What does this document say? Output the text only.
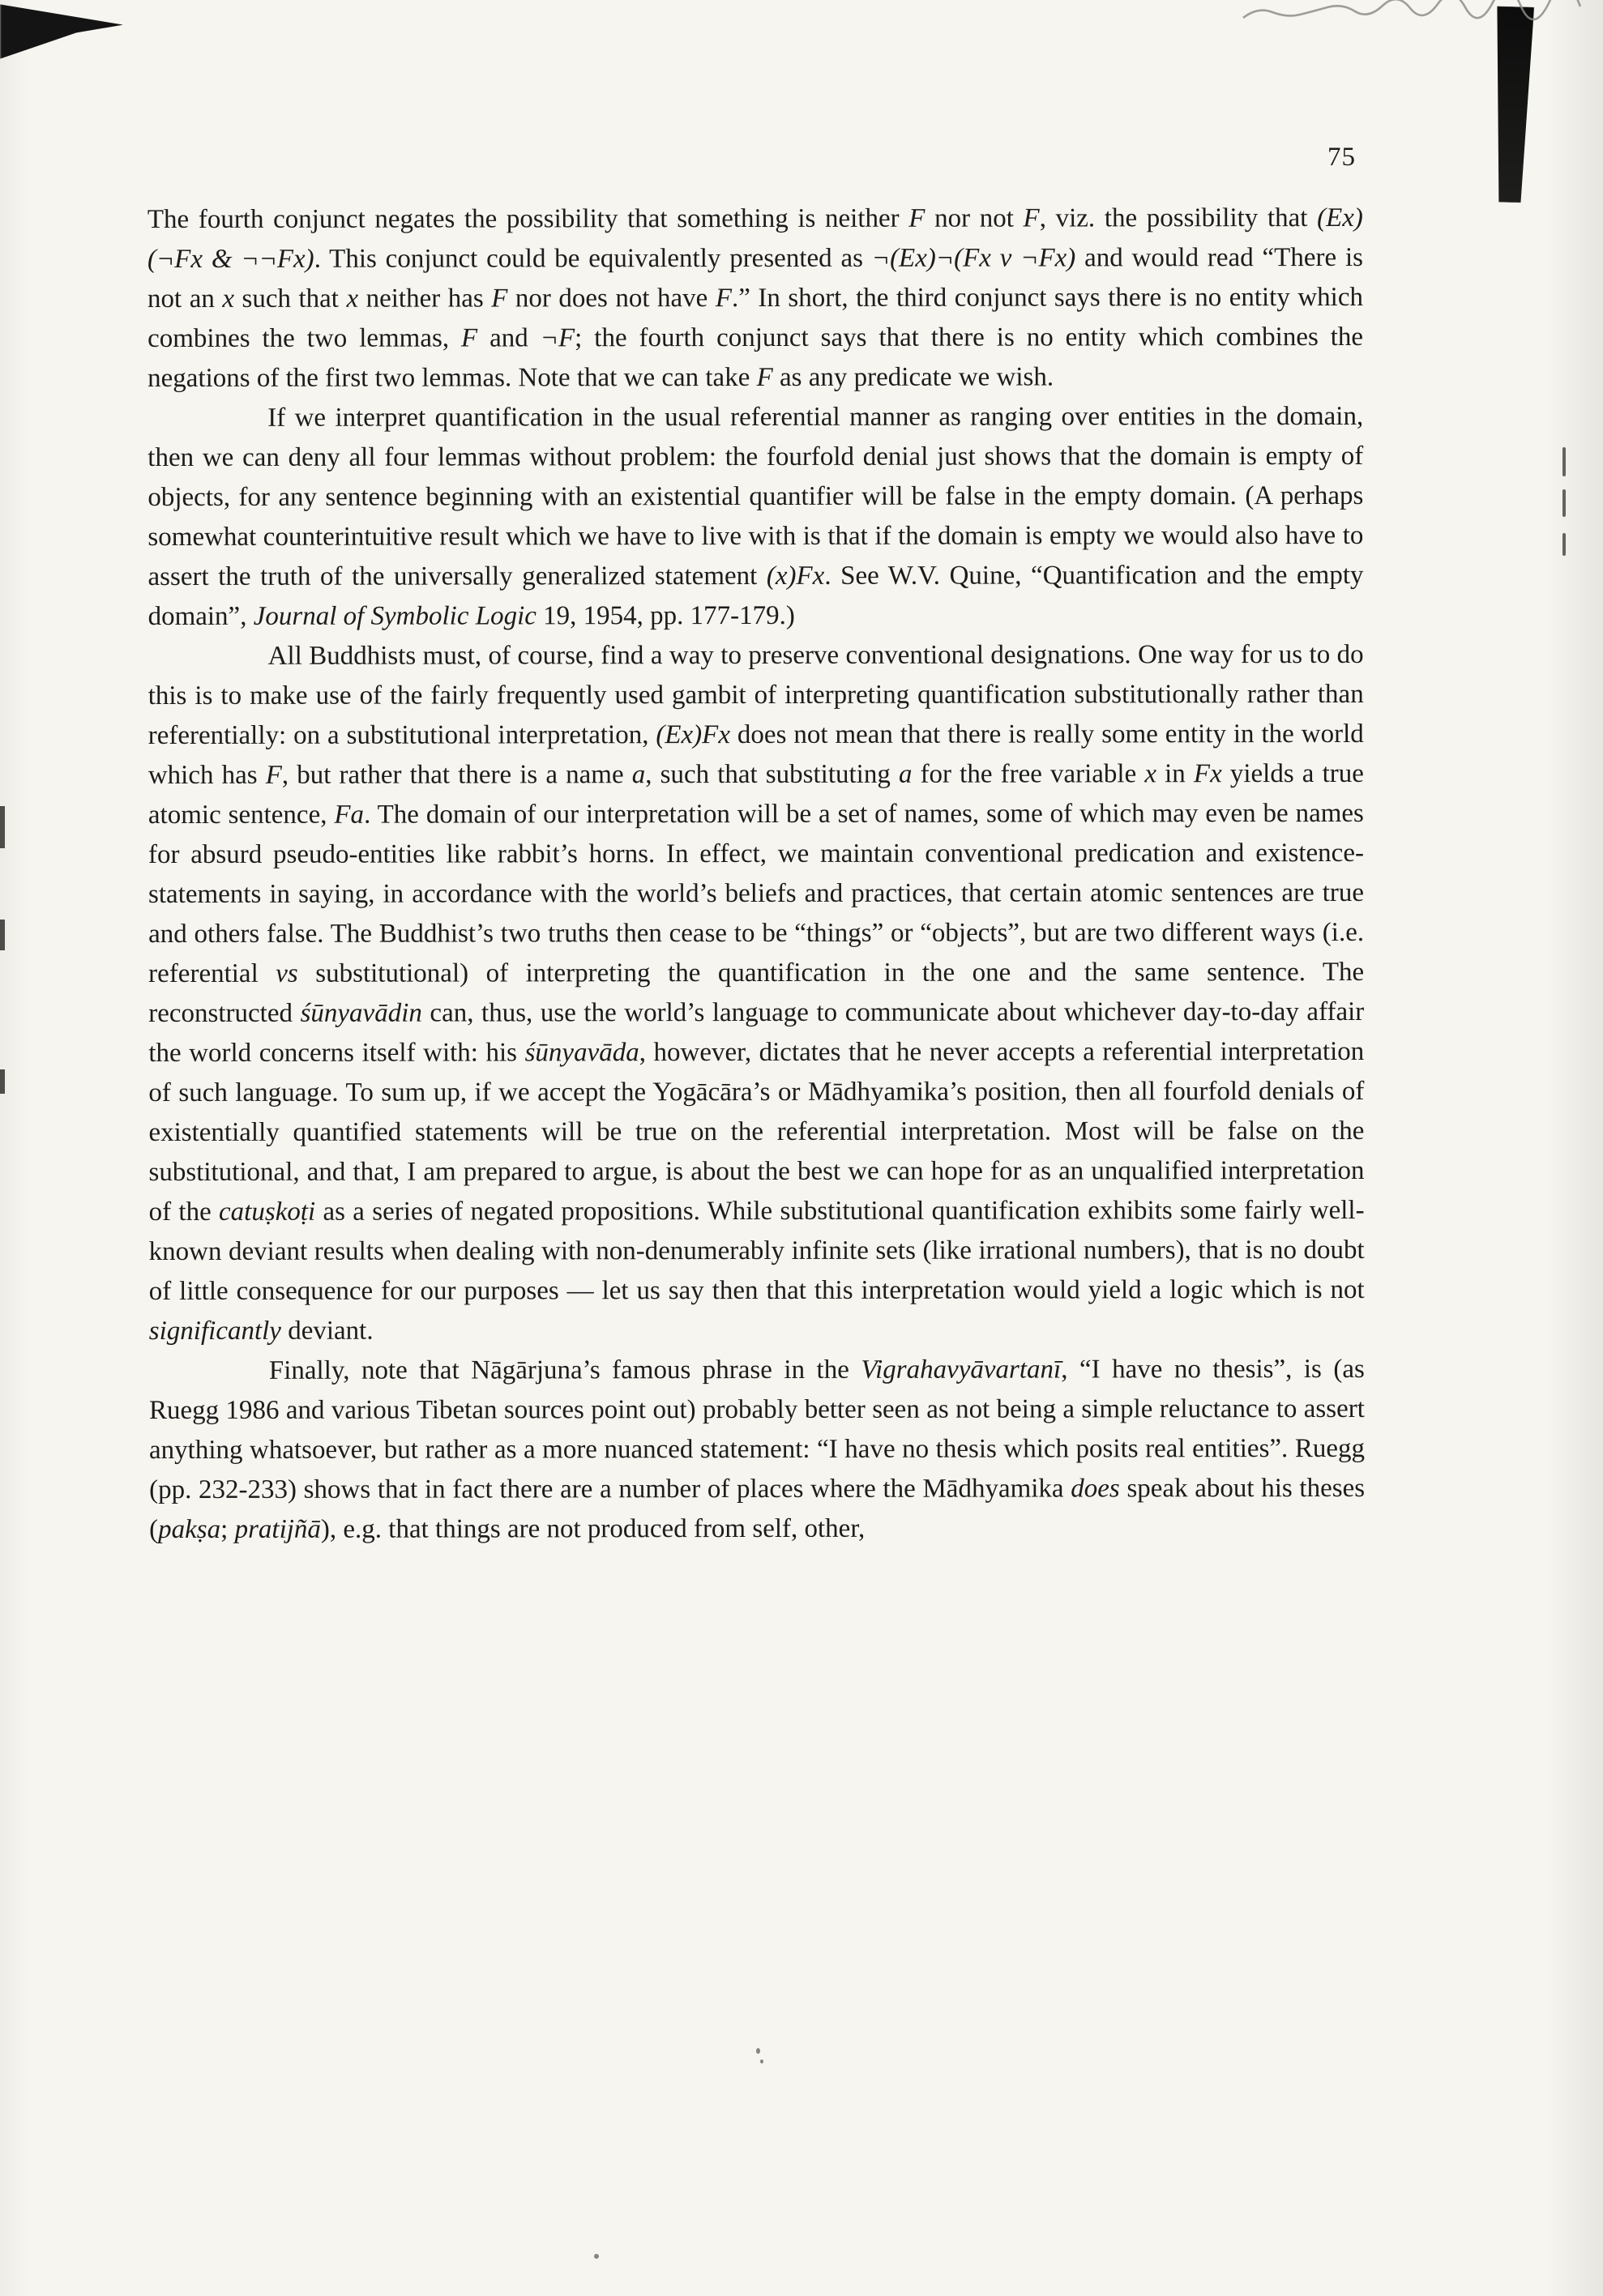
75

The fourth conjunct negates the possibility that something is neither F nor not F, viz. the possibility that (Ex)(¬Fx & ¬¬Fx). This conjunct could be equivalently presented as ¬(Ex)¬(Fx v ¬Fx) and would read “There is not an x such that x neither has F nor does not have F.” In short, the third conjunct says there is no entity which combines the two lemmas, F and ¬F; the fourth conjunct says that there is no entity which combines the negations of the first two lemmas. Note that we can take F as any predicate we wish.

If we interpret quantification in the usual referential manner as ranging over entities in the domain, then we can deny all four lemmas without problem: the fourfold denial just shows that the domain is empty of objects, for any sentence beginning with an existential quantifier will be false in the empty domain. (A perhaps somewhat counterintuitive result which we have to live with is that if the domain is empty we would also have to assert the truth of the universally generalized statement (x)Fx. See W.V. Quine, “Quantification and the empty domain”, Journal of Symbolic Logic 19, 1954, pp. 177-179.)

All Buddhists must, of course, find a way to preserve conventional designations. One way for us to do this is to make use of the fairly frequently used gambit of interpreting quantification substitutionally rather than referentially: on a substitutional interpretation, (Ex)Fx does not mean that there is really some entity in the world which has F, but rather that there is a name a, such that substituting a for the free variable x in Fx yields a true atomic sentence, Fa. The domain of our interpretation will be a set of names, some of which may even be names for absurd pseudo-entities like rabbit’s horns. In effect, we maintain conventional predication and existence-statements in saying, in accordance with the world’s beliefs and practices, that certain atomic sentences are true and others false. The Buddhist’s two truths then cease to be “things” or “objects”, but are two different ways (i.e. referential vs substitutional) of interpreting the quantification in the one and the same sentence. The reconstructed śūnyavādin can, thus, use the world’s language to communicate about whichever day-to-day affair the world concerns itself with: his śūnyavāda, however, dictates that he never accepts a referential interpretation of such language. To sum up, if we accept the Yogācāra’s or Mādhyamika’s position, then all fourfold denials of existentially quantified statements will be true on the referential interpretation. Most will be false on the substitutional, and that, I am prepared to argue, is about the best we can hope for as an unqualified interpretation of the catuṣkoṭi as a series of negated propositions. While substitutional quantification exhibits some fairly well-known deviant results when dealing with non-denumerably infinite sets (like irrational numbers), that is no doubt of little consequence for our purposes — let us say then that this interpretation would yield a logic which is not significantly deviant.

Finally, note that Nāgārjuna’s famous phrase in the Vigrahavyāvartanī, “I have no thesis”, is (as Ruegg 1986 and various Tibetan sources point out) probably better seen as not being a simple reluctance to assert anything whatsoever, but rather as a more nuanced statement: “I have no thesis which posits real entities”. Ruegg (pp. 232-233) shows that in fact there are a number of places where the Mādhyamika does speak about his theses (pakṣa; pratijñā), e.g. that things are not produced from self, other,
